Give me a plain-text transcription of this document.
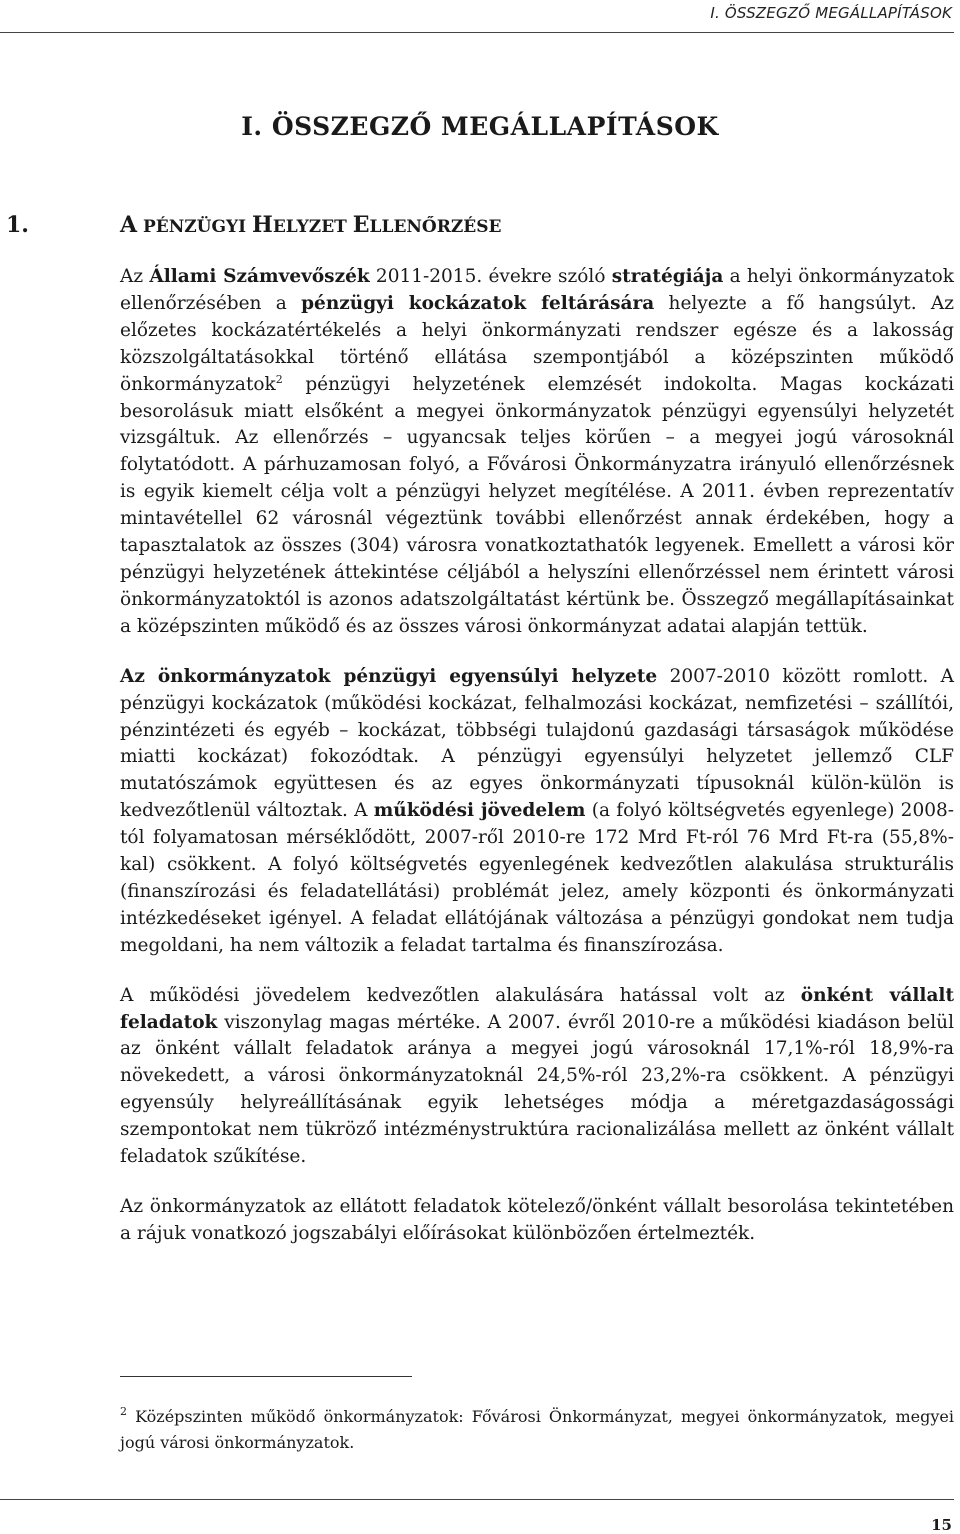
I. ÖSSZEGZŐ MEGÁLLAPÍTÁSOK
I. ÖSSZEGZŐ MEGÁLLAPÍTÁSOK
1.	A PÉNZÜGYI HELYZET ELLENŐRZÉSE

Az Állami Számvevőszék 2011-2015. évekre szóló stratégiája a helyi önkormányzatok ellenőrzésében a pénzügyi kockázatok feltárására helyezte a fő hangsúlyt. Az előzetes kockázatértékelés a helyi önkormányzati rendszer egésze és a lakosság közszolgáltatásokkal történő ellátása szempontjából a középszinten működő önkormányzatok$^2$ pénzügyi helyzetének elemzését indokolta. Magas kockázati besorolásuk miatt elsőként a megyei önkormányzatok pénzügyi egyensúlyi helyzetét vizsgáltuk. Az ellenőrzés – ugyancsak teljes körűen – a megyei jogú városoknál folytatódott. A párhuzamosan folyó, a Fővárosi Önkormányzatra irányuló ellenőrzésnek is egyik kiemelt célja volt a pénzügyi helyzet megítélése. A 2011. évben reprezentatív mintavétellel 62 városnál végeztünk további ellenőrzést annak érdekében, hogy a tapasztalatok az összes (304) városra vonatkoztathatók legyenek. Emellett a városi kör pénzügyi helyzetének áttekintése céljából a helyszíni ellenőrzéssel nem érintett városi önkormányzatoktól is azonos adatszolgáltatást kértünk be. Összegző megállapításainkat a középszinten működő és az összes városi önkormányzat adatai alapján tettük.

Az önkormányzatok pénzügyi egyensúlyi helyzete 2007-2010 között romlott. A pénzügyi kockázatok (működési kockázat, felhalmozási kockázat, nemfizetési – szállítói, pénzintézeti és egyéb – kockázat, többségi tulajdonú gazdasági társaságok működése miatti kockázat) fokozódtak. A pénzügyi egyensúlyi helyzetet jellemző CLF mutatószámok együttesen és az egyes önkormányzati típusoknál külön-külön is kedvezőtlenül változtak. A működési jövedelem (a folyó költségvetés egyenlege) 2008-tól folyamatosan mérséklődött, 2007-ről 2010-re 172 Mrd Ft-ról 76 Mrd Ft-ra (55,8%-kal) csökkent. A folyó költségvetés egyenlegének kedvezőtlen alakulása strukturális (finanszírozási és feladatellátási) problémát jelez, amely központi és önkormányzati intézkedéseket igényel. A feladat ellátójának változása a pénzügyi gondokat nem tudja megoldani, ha nem változik a feladat tartalma és finanszírozása.

A működési jövedelem kedvezőtlen alakulására hatással volt az önként vállalt feladatok viszonylag magas mértéke. A 2007. évről 2010-re a működési kiadáson belül az önként vállalt feladatok aránya a megyei jogú városoknál 17,1%-ról 18,9%-ra növekedett, a városi önkormányzatoknál 24,5%-ról 23,2%-ra csökkent. A pénzügyi egyensúly helyreállításának egyik lehetséges módja a méretgazdaságossági szempontokat nem tükröző intézménystruktúra racionalizálása mellett az önként vállalt feladatok szűkítése.

Az önkormányzatok az ellátott feladatok kötelező/önként vállalt besorolása tekintetében a rájuk vonatkozó jogszabályi előírásokat különbözően értelmezték.

$^2$ Középszinten működő önkormányzatok: Fővárosi Önkormányzat, megyei önkormányzatok, megyei jogú városi önkormányzatok.

15
